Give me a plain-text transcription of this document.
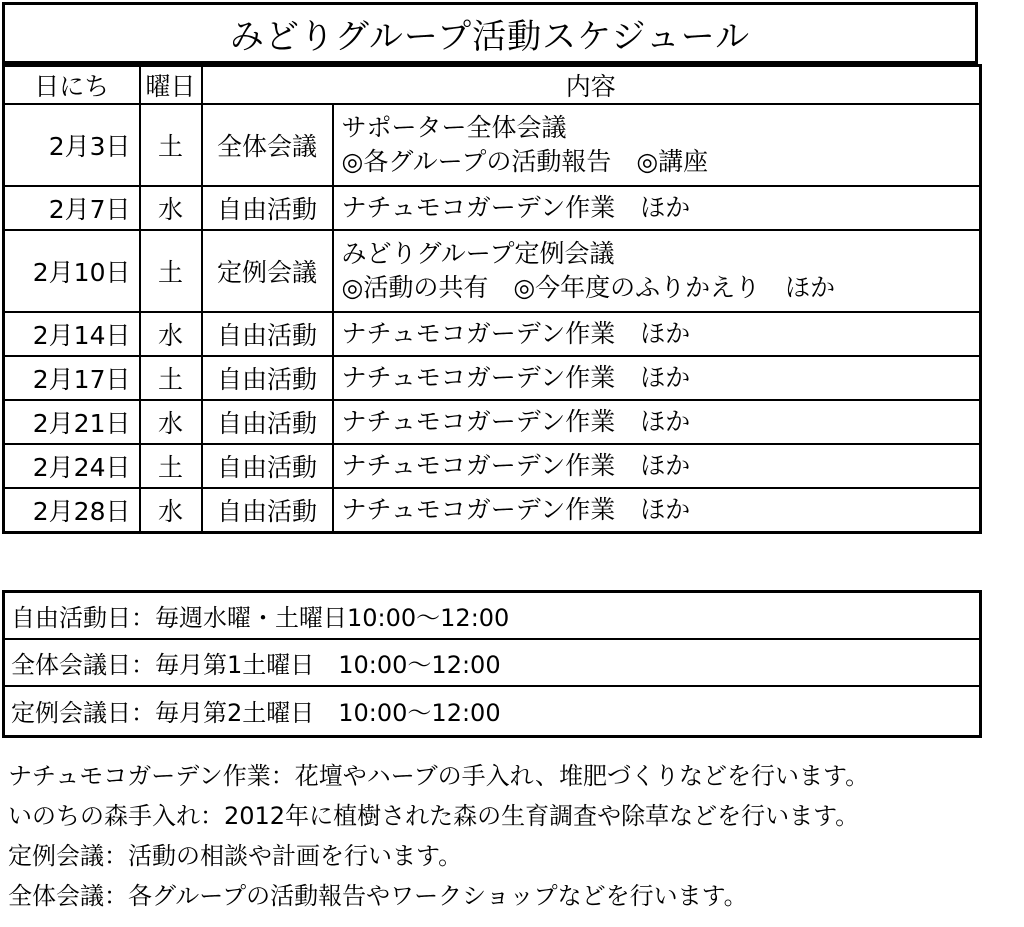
みどりグループ活動スケジュール
日にち	曜日	内容	
2月3日	土	全体会議	サポーター全体会議
◎各グループの活動報告　◎講座

2月7日	水	自由活動	ナチュモコガーデン作業　ほか

2月10日	土	定例会議	みどりグループ定例会議
◎活動の共有　◎今年度のふりかえり　ほか

2月14日	水	自由活動	ナチュモコガーデン作業　ほか

2月17日	土	自由活動	ナチュモコガーデン作業　ほか

2月21日	水	自由活動	ナチュモコガーデン作業　ほか

2月24日	土	自由活動	ナチュモコガーデン作業　ほか

2月28日	水	自由活動	ナチュモコガーデン作業　ほか
自由活動日：毎週水曜・土曜日10:00～12:00
全体会議日：毎月第1土曜日　10:00～12:00
定例会議日：毎月第2土曜日　10:00～12:00
ナチュモコガーデン作業：花壇やハーブの手入れ、堆肥づくりなどを行います。
いのちの森手入れ：2012年に植樹された森の生育調査や除草などを行います。
定例会議：活動の相談や計画を行います。
全体会議：各グループの活動報告やワークショップなどを行います。
